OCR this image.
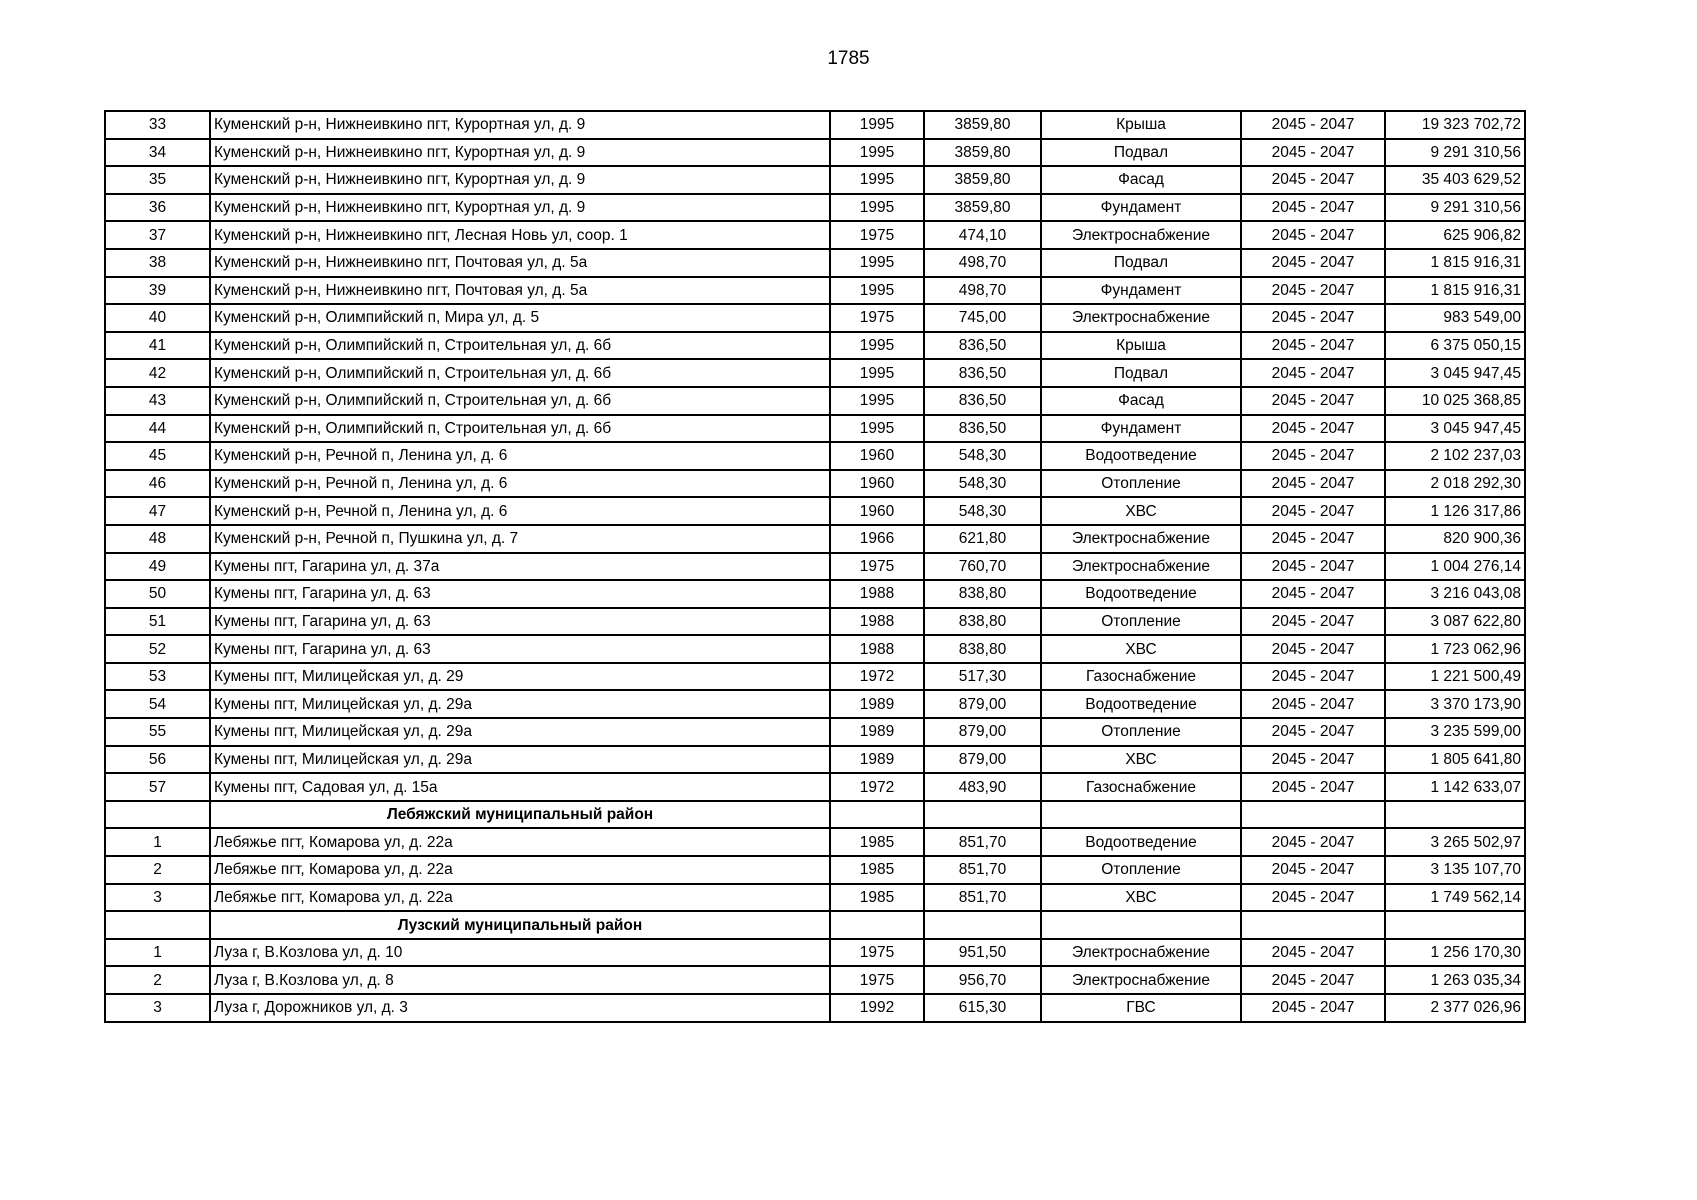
1785
33	Куменский р-н, Нижнеивкино пгт, Курортная ул, д. 9	1995	3859,80	Крыша	2045 - 2047	19 323 702,72
34	Куменский р-н, Нижнеивкино пгт, Курортная ул, д. 9	1995	3859,80	Подвал	2045 - 2047	9 291 310,56
35	Куменский р-н, Нижнеивкино пгт, Курортная ул, д. 9	1995	3859,80	Фасад	2045 - 2047	35 403 629,52
36	Куменский р-н, Нижнеивкино пгт, Курортная ул, д. 9	1995	3859,80	Фундамент	2045 - 2047	9 291 310,56
37	Куменский р-н, Нижнеивкино пгт, Лесная Новь ул, соор. 1	1975	474,10	Электроснабжение	2045 - 2047	625 906,82
38	Куменский р-н, Нижнеивкино пгт, Почтовая ул, д. 5а	1995	498,70	Подвал	2045 - 2047	1 815 916,31
39	Куменский р-н, Нижнеивкино пгт, Почтовая ул, д. 5а	1995	498,70	Фундамент	2045 - 2047	1 815 916,31
40	Куменский р-н, Олимпийский п, Мира ул, д. 5	1975	745,00	Электроснабжение	2045 - 2047	983 549,00
41	Куменский р-н, Олимпийский п, Строительная ул, д. 6б	1995	836,50	Крыша	2045 - 2047	6 375 050,15
42	Куменский р-н, Олимпийский п, Строительная ул, д. 6б	1995	836,50	Подвал	2045 - 2047	3 045 947,45
43	Куменский р-н, Олимпийский п, Строительная ул, д. 6б	1995	836,50	Фасад	2045 - 2047	10 025 368,85
44	Куменский р-н, Олимпийский п, Строительная ул, д. 6б	1995	836,50	Фундамент	2045 - 2047	3 045 947,45
45	Куменский р-н, Речной п, Ленина ул, д. 6	1960	548,30	Водоотведение	2045 - 2047	2 102 237,03
46	Куменский р-н, Речной п, Ленина ул, д. 6	1960	548,30	Отопление	2045 - 2047	2 018 292,30
47	Куменский р-н, Речной п, Ленина ул, д. 6	1960	548,30	ХВС	2045 - 2047	1 126 317,86
48	Куменский р-н, Речной п, Пушкина ул, д. 7	1966	621,80	Электроснабжение	2045 - 2047	820 900,36
49	Кумены пгт, Гагарина ул, д. 37а	1975	760,70	Электроснабжение	2045 - 2047	1 004 276,14
50	Кумены пгт, Гагарина ул, д. 63	1988	838,80	Водоотведение	2045 - 2047	3 216 043,08
51	Кумены пгт, Гагарина ул, д. 63	1988	838,80	Отопление	2045 - 2047	3 087 622,80
52	Кумены пгт, Гагарина ул, д. 63	1988	838,80	ХВС	2045 - 2047	1 723 062,96
53	Кумены пгт, Милицейская ул, д. 29	1972	517,30	Газоснабжение	2045 - 2047	1 221 500,49
54	Кумены пгт, Милицейская ул, д. 29а	1989	879,00	Водоотведение	2045 - 2047	3 370 173,90
55	Кумены пгт, Милицейская ул, д. 29а	1989	879,00	Отопление	2045 - 2047	3 235 599,00
56	Кумены пгт, Милицейская ул, д. 29а	1989	879,00	ХВС	2045 - 2047	1 805 641,80
57	Кумены пгт, Садовая ул, д. 15а	1972	483,90	Газоснабжение	2045 - 2047	1 142 633,07
	Лебяжский муниципальный район					
1	Лебяжье пгт, Комарова ул, д. 22а	1985	851,70	Водоотведение	2045 - 2047	3 265 502,97
2	Лебяжье пгт, Комарова ул, д. 22а	1985	851,70	Отопление	2045 - 2047	3 135 107,70
3	Лебяжье пгт, Комарова ул, д. 22а	1985	851,70	ХВС	2045 - 2047	1 749 562,14
	Лузский муниципальный район					
1	Луза г, В.Козлова ул, д. 10	1975	951,50	Электроснабжение	2045 - 2047	1 256 170,30
2	Луза г, В.Козлова ул, д. 8	1975	956,70	Электроснабжение	2045 - 2047	1 263 035,34
3	Луза г, Дорожников ул, д. 3	1992	615,30	ГВС	2045 - 2047	2 377 026,96
